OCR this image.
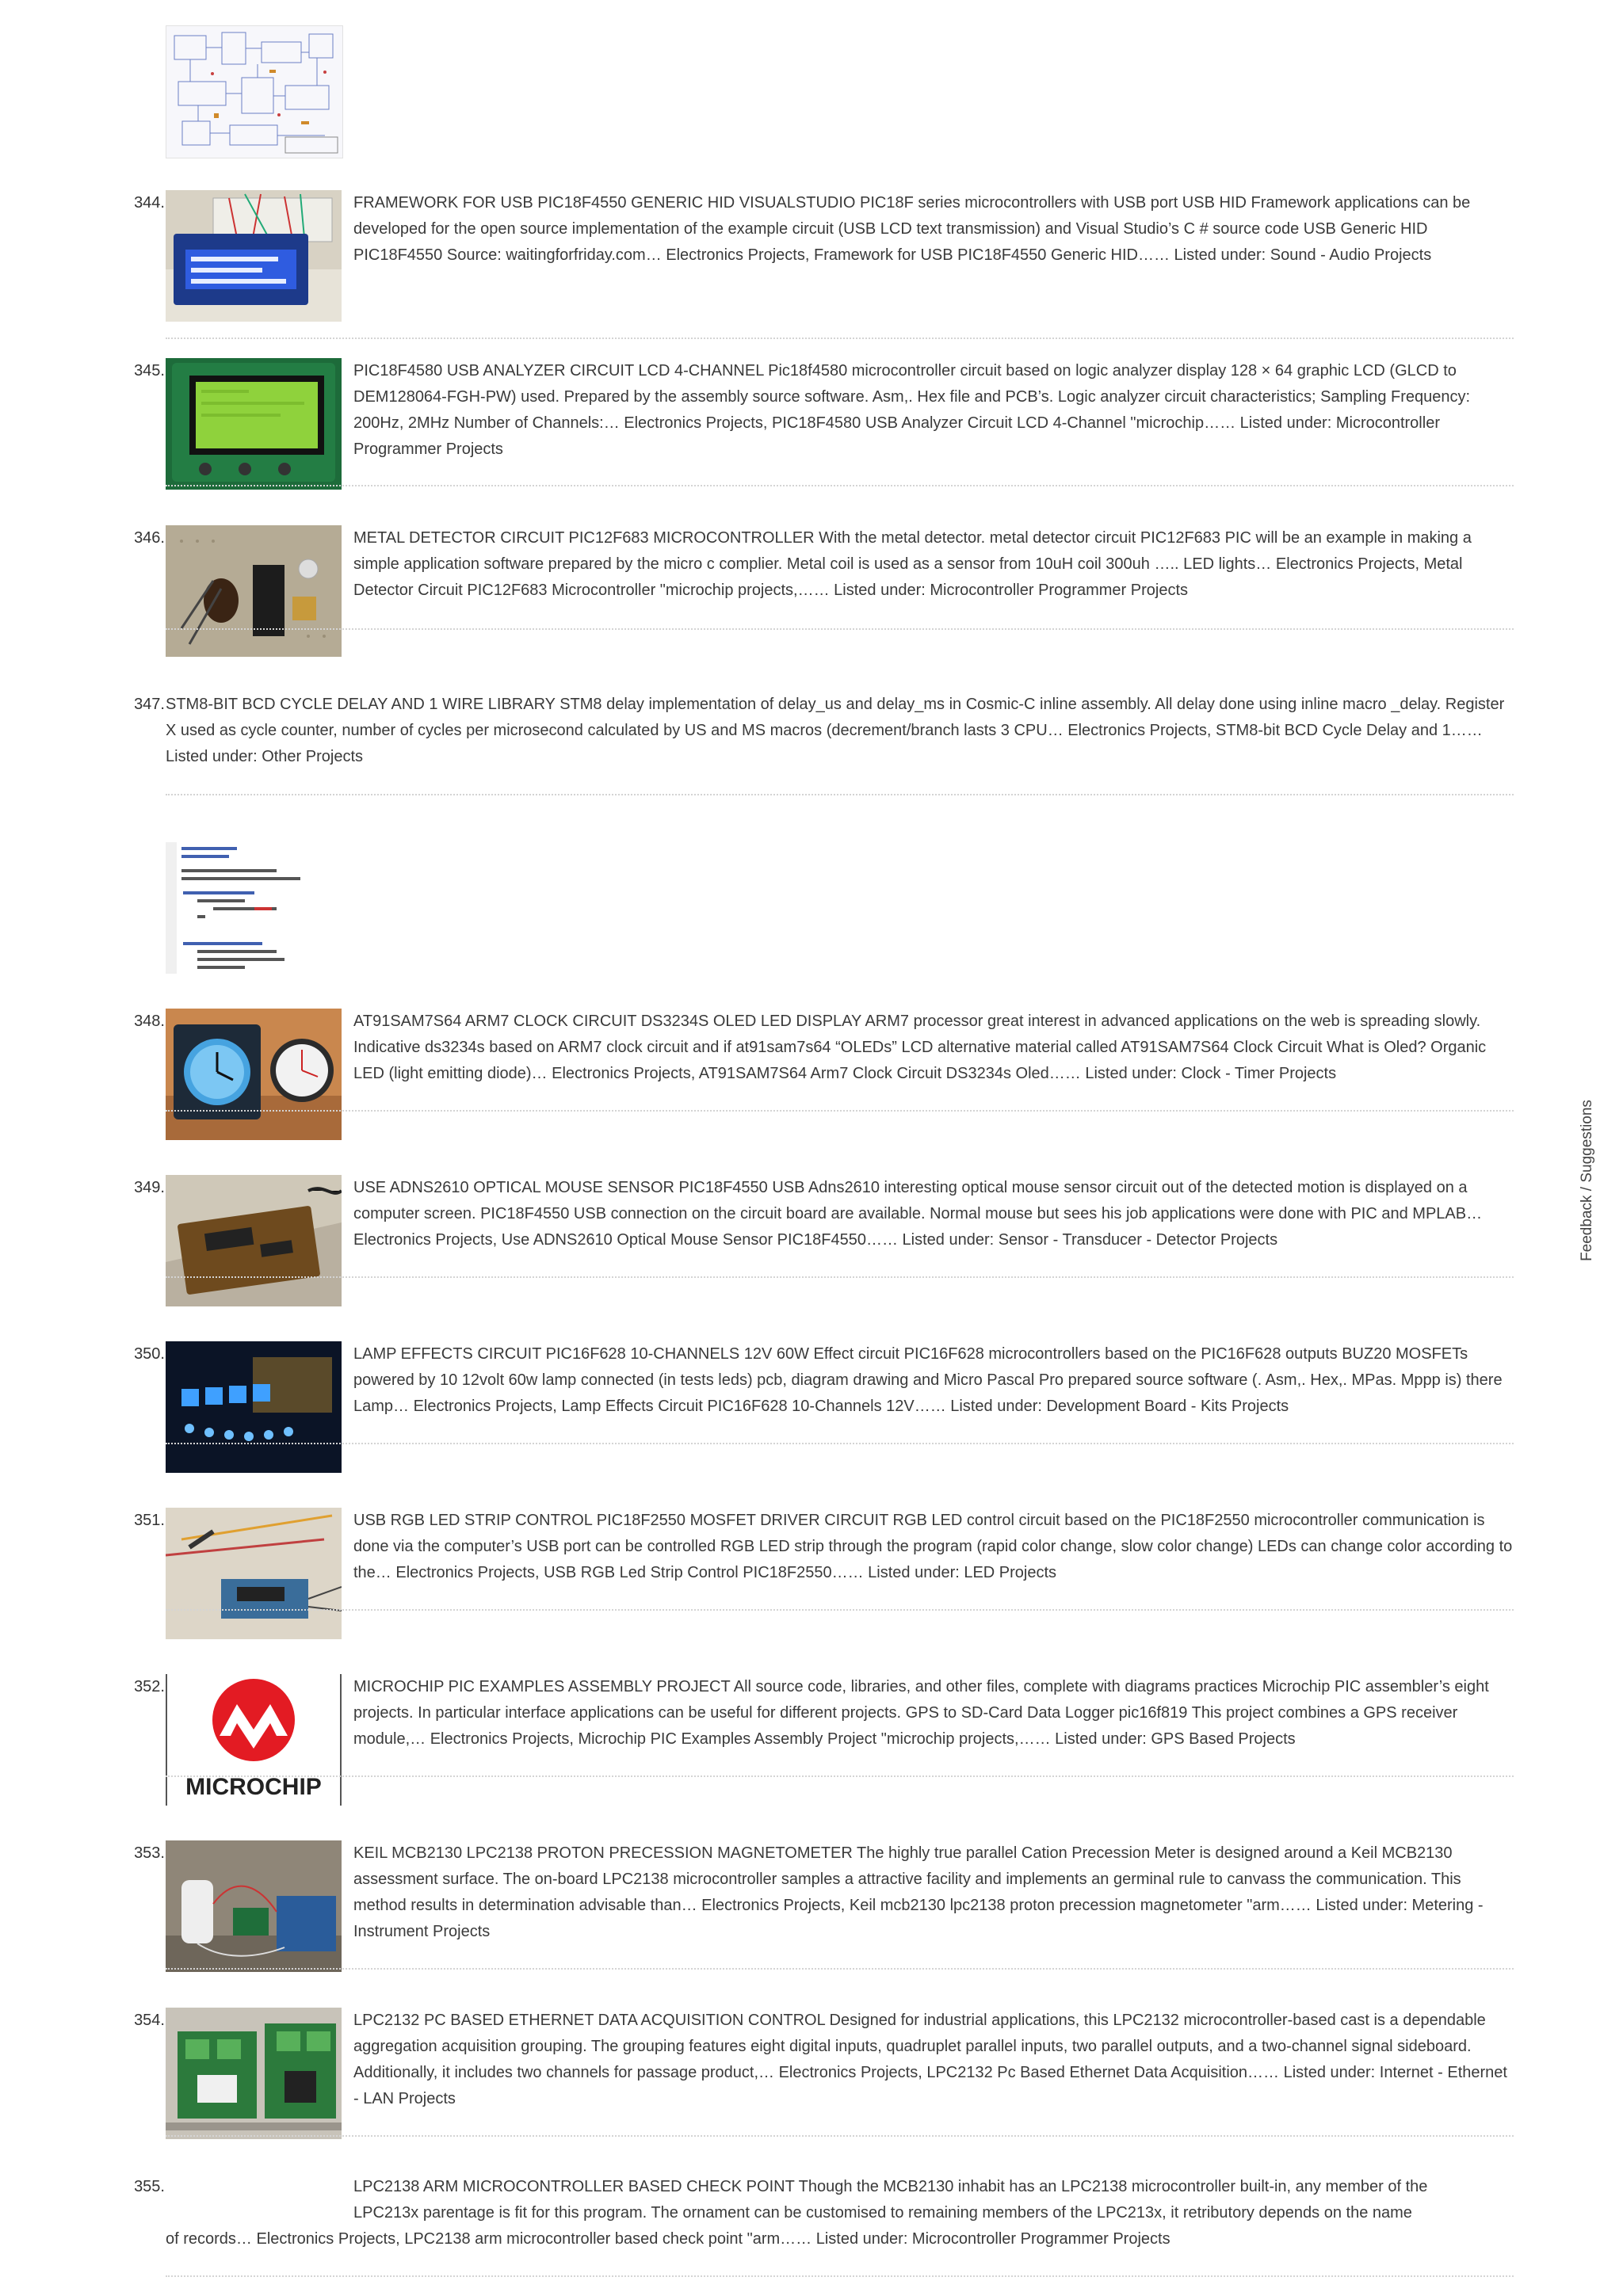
344.	FRAMEWORK FOR USB PIC18F4550 GENERIC HID VISUALSTUDIO PIC18F series microcontrollers with USB port USB HID Framework applications can be developed for the open source implementation of the example circuit (USB LCD text transmission) and Visual Studio’s C # source code USB Generic HID PIC18F4550 Source: waitingforfriday.com… Electronics Projects, Framework for USB PIC18F4550 Generic HID…… Listed under: Sound - Audio Projects
345.	PIC18F4580 USB ANALYZER CIRCUIT LCD 4-CHANNEL Pic18f4580 microcontroller circuit based on logic analyzer display 128 × 64 graphic LCD (GLCD to DEM128064-FGH-PW) used. Prepared by the assembly source software. Asm,. Hex file and PCB’s. Logic analyzer circuit characteristics; Sampling Frequency: 200Hz, 2MHz Number of Channels:… Electronics Projects, PIC18F4580 USB Analyzer Circuit LCD 4-Channel "microchip…… Listed under: Microcontroller Programmer Projects
346.	METAL DETECTOR CIRCUIT PIC12F683 MICROCONTROLLER With the metal detector. metal detector circuit PIC12F683 PIC will be an example in making a simple application software prepared by the micro c complier. Metal coil is used as a sensor from 10uH coil 300uh ….. LED lights… Electronics Projects, Metal Detector Circuit PIC12F683 Microcontroller "microchip projects,…… Listed under: Microcontroller Programmer Projects
347. STM8-BIT BCD CYCLE DELAY AND 1 WIRE LIBRARY STM8 delay implementation of delay_us and delay_ms in Cosmic-C inline assembly. All delay done using inline macro _delay. Register X used as cycle counter, number of cycles per microsecond calculated by US and MS macros (decrement/branch lasts 3 CPU… Electronics Projects, STM8-bit BCD Cycle Delay and 1…… Listed under: Other Projects
348.	AT91SAM7S64 ARM7 CLOCK CIRCUIT DS3234S OLED LED DISPLAY ARM7 processor great interest in advanced applications on the web is spreading slowly. Indicative ds3234s based on ARM7 clock circuit and if at91sam7s64 “OLEDs” LCD alternative material called AT91SAM7S64 Clock Circuit What is Oled? Organic LED (light emitting diode)… Electronics Projects, AT91SAM7S64 Arm7 Clock Circuit DS3234s Oled…… Listed under: Clock - Timer Projects
349.	USE ADNS2610 OPTICAL MOUSE SENSOR PIC18F4550 USB Adns2610 interesting optical mouse sensor circuit out of the detected motion is displayed on a computer screen. PIC18F4550 USB connection on the circuit board are available. Normal mouse but sees his job applications were done with PIC and MPLAB… Electronics Projects, Use ADNS2610 Optical Mouse Sensor PIC18F4550…… Listed under: Sensor - Transducer - Detector Projects
350.	LAMP EFFECTS CIRCUIT PIC16F628 10-CHANNELS 12V 60W Effect circuit PIC16F628 microcontrollers based on the PIC16F628 outputs BUZ20 MOSFETs powered by 10 12volt 60w lamp connected (in tests leds) pcb, diagram drawing and Micro Pascal Pro prepared source software (. Asm,. Hex,. MPas. Mppp is) there Lamp… Electronics Projects, Lamp Effects Circuit PIC16F628 10-Channels 12V…… Listed under: Development Board - Kits Projects
351.	USB RGB LED STRIP CONTROL PIC18F2550 MOSFET DRIVER CIRCUIT RGB LED control circuit based on the PIC18F2550 microcontroller communication is done via the computer’s USB port can be controlled RGB LED strip through the program (rapid color change, slow color change) LEDs can change color according to the… Electronics Projects, USB RGB Led Strip Control PIC18F2550…… Listed under: LED Projects
352.
MICROCHIP
MICROCHIP PIC EXAMPLES ASSEMBLY PROJECT All source code, libraries, and other files, complete with diagrams practices Microchip PIC assembler’s eight projects. In particular interface applications can be useful for different projects. GPS to SD-Card Data Logger pic16f819 This project combines a GPS receiver module,… Electronics Projects, Microchip PIC Examples Assembly Project "microchip projects,…… Listed under: GPS Based Projects
353.	KEIL MCB2130 LPC2138 PROTON PRECESSION MAGNETOMETER The highly true parallel Cation Precession Meter is designed around a Keil MCB2130 assessment surface. The on-board LPC2138 microcontroller samples a attractive facility and implements an germinal rule to canvass the communication. This method results in determination advisable than… Electronics Projects, Keil mcb2130 lpc2138 proton precession magnetometer "arm…… Listed under: Metering - Instrument Projects
354.	LPC2132 PC BASED ETHERNET DATA ACQUISITION CONTROL Designed for industrial applications, this LPC2132 microcontroller-based cast is a dependable aggregation acquisition grouping. The grouping features eight digital inputs, quadruplet parallel inputs, two parallel outputs, and a two-channel signal sideboard. Additionally, it includes two channels for passage product,… Electronics Projects, LPC2132 Pc Based Ethernet Data Acquisition…… Listed under: Internet - Ethernet - LAN Projects
355.	LPC2138 ARM MICROCONTROLLER BASED CHECK POINT Though the MCB2130 inhabit has an LPC2138 microcontroller built-in, any member of the
LPC213x parentage is fit for this program. The ornament can be customised to remaining members of the LPC213x, it retributory depends on the name
of records… Electronics Projects, LPC2138 arm microcontroller based check point "arm…… Listed under: Microcontroller Programmer Projects
Feedback / Suggestions
